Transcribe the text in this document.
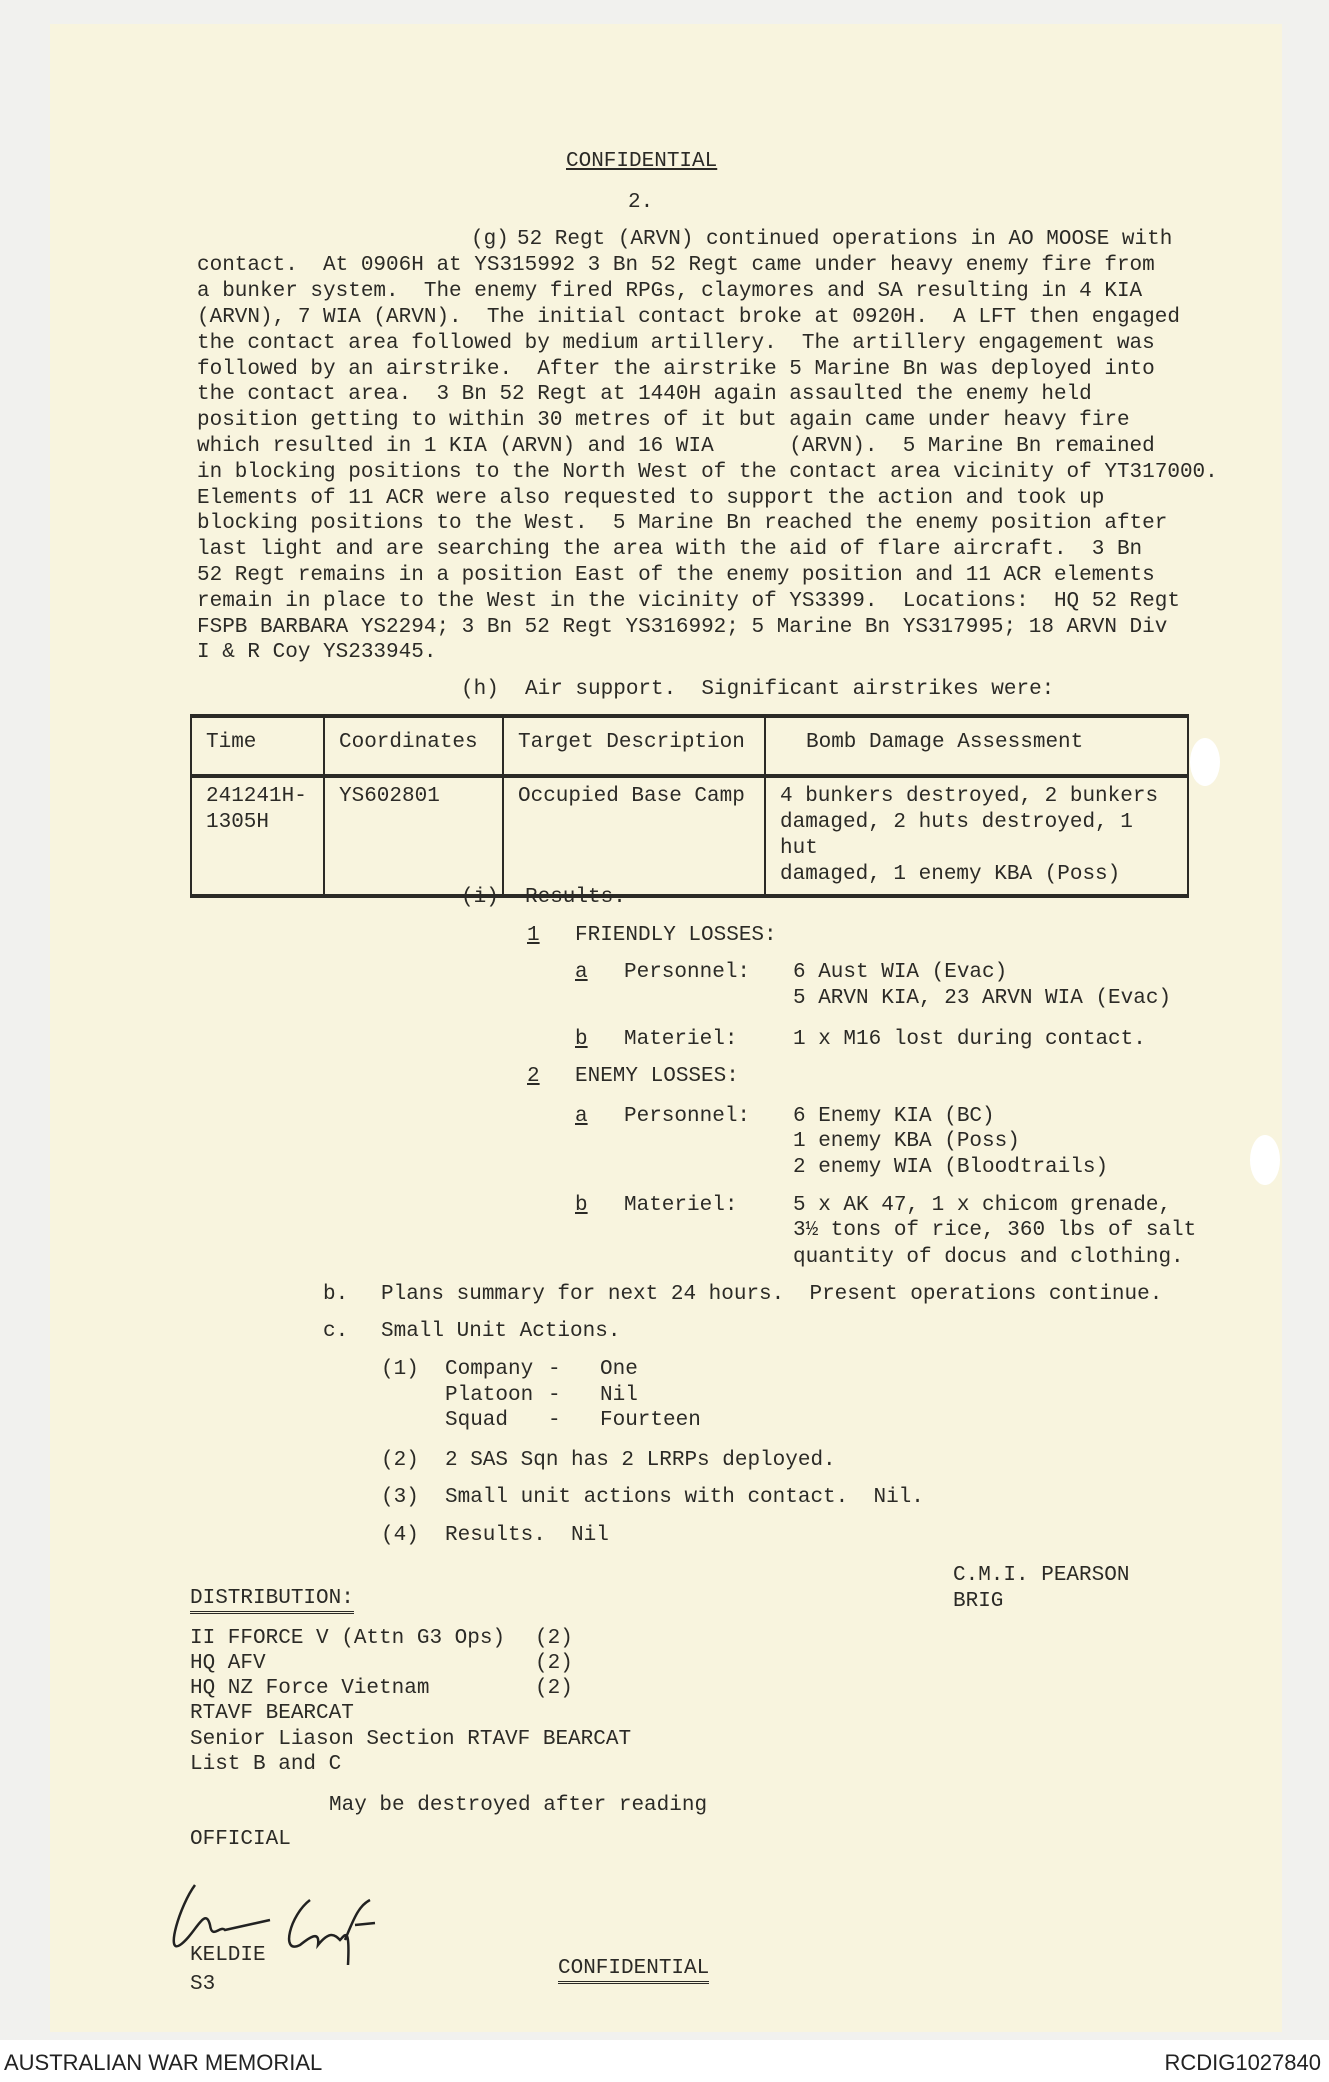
CONFIDENTIAL
2.
(g) 52 Regt (ARVN) continued operations in AO MOOSE with
contact.  At 0906H at YS315992 3 Bn 52 Regt came under heavy enemy fire from
a bunker system.  The enemy fired RPGs, claymores and SA resulting in 4 KIA
(ARVN), 7 WIA (ARVN).  The initial contact broke at 0920H.  A LFT then engaged
the contact area followed by medium artillery.  The artillery engagement was
followed by an airstrike.  After the airstrike 5 Marine Bn was deployed into
the contact area.  3 Bn 52 Regt at 1440H again assaulted the enemy held
position getting to within 30 metres of it but again came under heavy fire
which resulted in 1 KIA (ARVN) and 16 WIA      (ARVN).  5 Marine Bn remained
in blocking positions to the North West of the contact area vicinity of YT317000.
Elements of 11 ACR were also requested to support the action and took up
blocking positions to the West.  5 Marine Bn reached the enemy position after
last light and are searching the area with the aid of flare aircraft.  3 Bn
52 Regt remains in a position East of the enemy position and 11 ACR elements
remain in place to the West in the vicinity of YS3399.  Locations:  HQ 52 Regt
FSPB BARBARA YS2294; 3 Bn 52 Regt YS316992; 5 Marine Bn YS317995; 18 ARVN Div
I & R Coy YS233945.
(h) Air support.  Significant airstrikes were:
Time	Coordinates	Target Description	Bomb Damage Assessment
241241H-
1305H	YS602801	Occupied Base Camp	4 bunkers destroyed, 2 bunkers
damaged, 2 huts destroyed, 1 hut
damaged, 1 enemy KBA (Poss)
(i) Results.
1 FRIENDLY LOSSES:
a Personnel: 6 Aust WIA (Evac)
5 ARVN KIA, 23 ARVN WIA (Evac)
b Materiel:	1 x M16 lost during contact.
2 ENEMY LOSSES:
a Personnel: 6 Enemy KIA (BC)
1 enemy KBA (Poss)
2 enemy WIA (Bloodtrails)
b Materiel:	5 x AK 47, 1 x chicom grenade,
3½ tons of rice, 360 lbs of salt
quantity of docus and clothing.
b. Plans summary for next 24 hours.  Present operations continue.
c. Small Unit Actions.
(1) Company - One
Platoon - Nil
Squad - Fourteen
(2) 2 SAS Sqn has 2 LRRPs deployed.
(3) Small unit actions with contact.  Nil.
(4) Results.  Nil
C.M.I. PEARSON
BRIG
DISTRIBUTION:
II FFORCE V (Attn G3 Ops) (2)
HQ AFV	(2)
HQ NZ Force Vietnam	(2)
RTAVF BEARCAT
Senior Liason Section RTAVF BEARCAT
List B and C
May be destroyed after reading
OFFICIAL
KELDIE
S3
CONFIDENTIAL
AUSTRALIAN WAR MEMORIAL	RCDIG1027840
